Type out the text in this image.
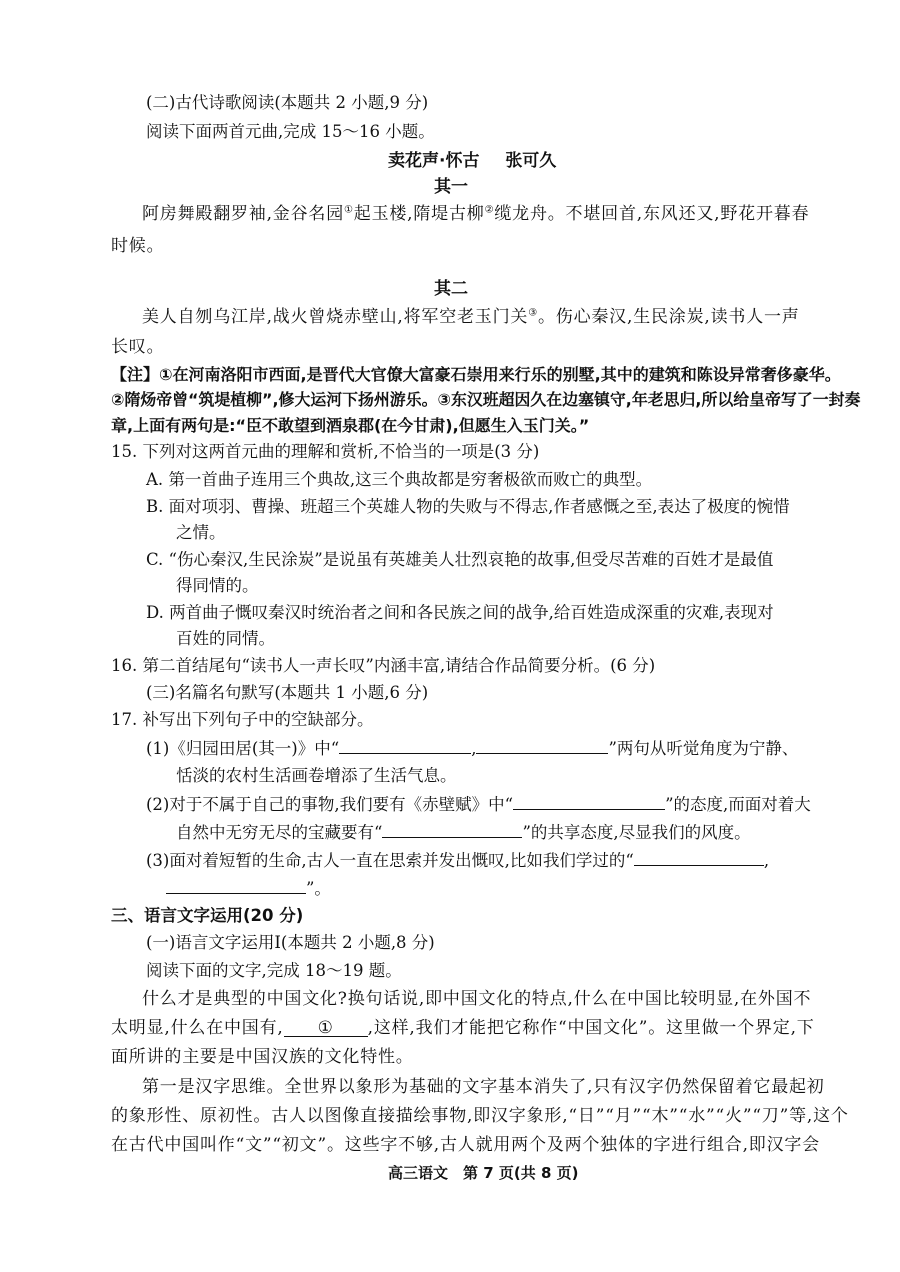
(二)古代诗歌阅读(本题共 2 小题,9 分)
阅读下面两首元曲,完成 15～16 小题。
卖花声·怀古 张可久
其一
阿房舞殿翻罗袖,金谷名园①起玉楼,隋堤古柳②缆龙舟。不堪回首,东风还又,野花开暮春
时候。
其二
美人自刎乌江岸,战火曾烧赤壁山,将军空老玉门关③。伤心秦汉,生民涂炭,读书人一声
长叹。
【注】①在河南洛阳市西面,是晋代大官僚大富豪石崇用来行乐的别墅,其中的建筑和陈设异常奢侈豪华。
②隋炀帝曾“筑堤植柳”,修大运河下扬州游乐。③东汉班超因久在边塞镇守,年老思归,所以给皇帝写了一封奏
章,上面有两句是:“臣不敢望到酒泉郡(在今甘肃),但愿生入玉门关。”
15. 下列对这两首元曲的理解和赏析,不恰当的一项是(3 分)
A. 第一首曲子连用三个典故,这三个典故都是穷奢极欲而败亡的典型。
B. 面对项羽、曹操、班超三个英雄人物的失败与不得志,作者感慨之至,表达了极度的惋惜
之情。
C. “伤心秦汉,生民涂炭”是说虽有英雄美人壮烈哀艳的故事,但受尽苦难的百姓才是最值
得同情的。
D. 两首曲子慨叹秦汉时统治者之间和各民族之间的战争,给百姓造成深重的灾难,表现对
百姓的同情。
16. 第二首结尾句“读书人一声长叹”内涵丰富,请结合作品简要分析。(6 分)
(三)名篇名句默写(本题共 1 小题,6 分)
17. 补写出下列句子中的空缺部分。
(1)《归园田居(其一)》中“	,	”两句从听觉角度为宁静、
恬淡的农村生活画卷增添了生活气息。
(2)对于不属于自己的事物,我们要有《赤壁赋》中“	”的态度,而面对着大
自然中无穷无尽的宝藏要有“	”的共享态度,尽显我们的风度。
(3)面对着短暂的生命,古人一直在思索并发出慨叹,比如我们学过的“	,
”。
三、语言文字运用(20 分)
(一)语言文字运用Ⅰ(本题共 2 小题,8 分)
阅读下面的文字,完成 18～19 题。
什么才是典型的中国文化?换句话说,即中国文化的特点,什么在中国比较明显,在外国不
太明显,什么在中国有, ① ,这样,我们才能把它称作“中国文化”。这里做一个界定,下
面所讲的主要是中国汉族的文化特性。
第一是汉字思维。全世界以象形为基础的文字基本消失了,只有汉字仍然保留着它最起初
的象形性、原初性。古人以图像直接描绘事物,即汉字象形,“日”“月”“木”“水”“火”“刀”等,这个
在古代中国叫作“文”“初文”。这些字不够,古人就用两个及两个独体的字进行组合,即汉字会
高三语文　第 7 页(共 8 页)
